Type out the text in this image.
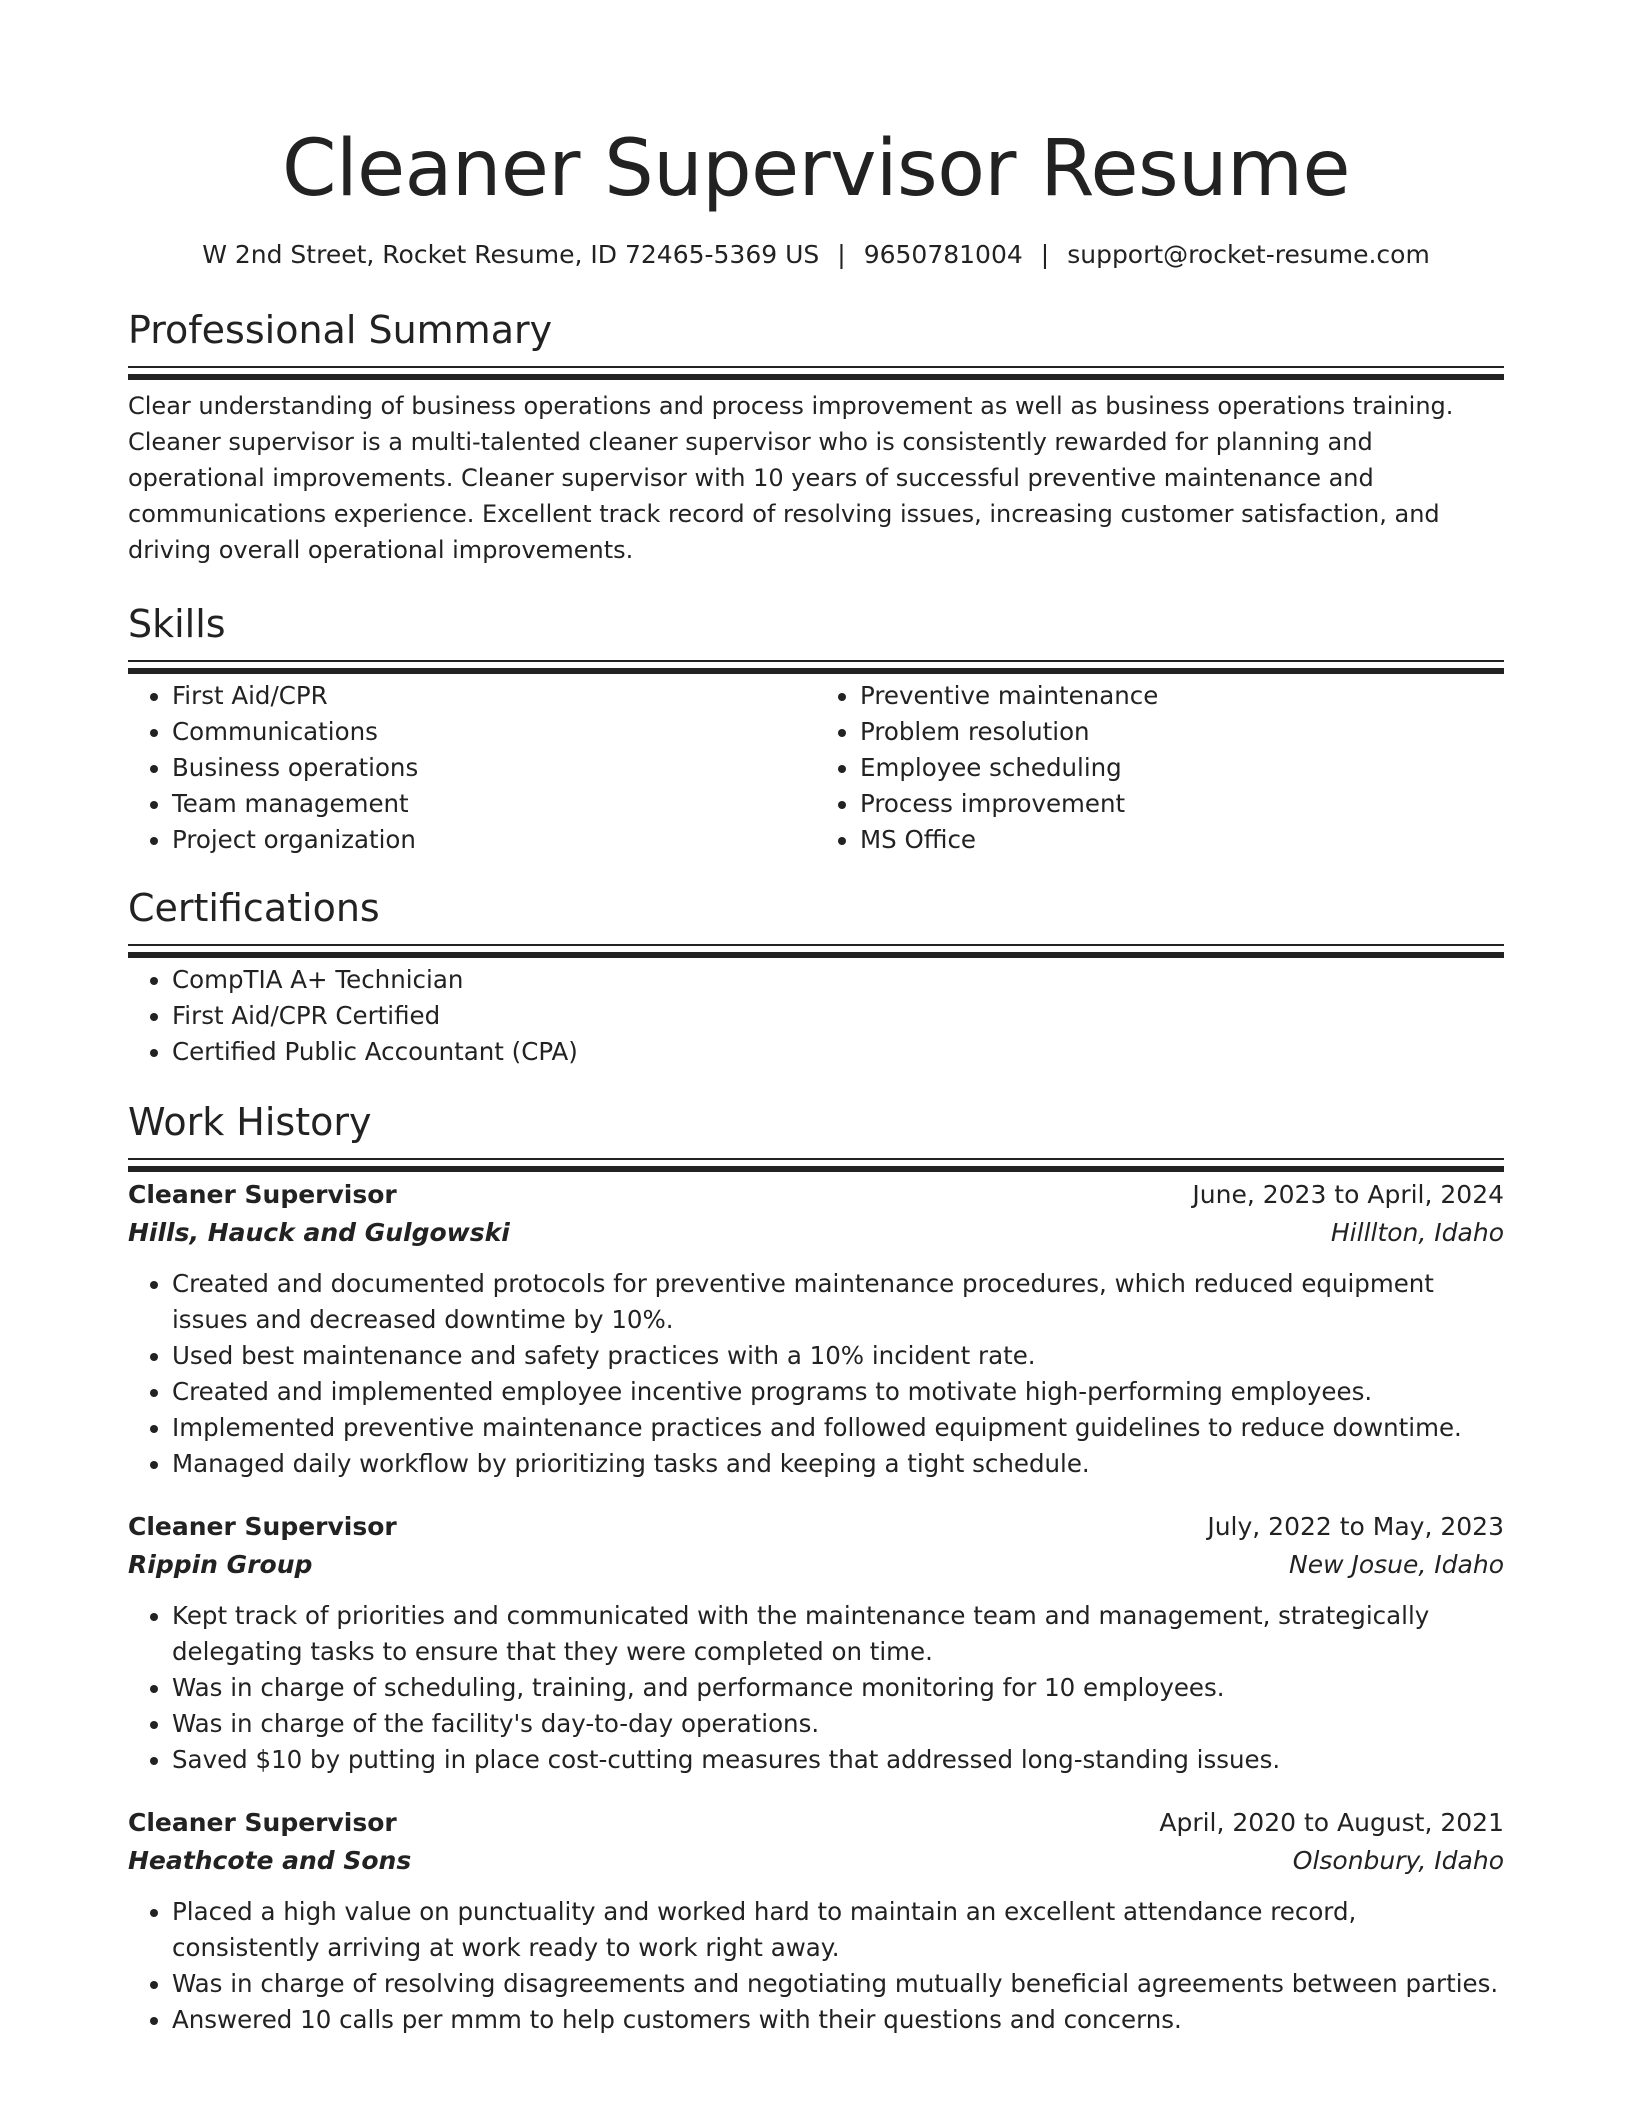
Cleaner Supervisor Resume
W 2nd Street, Rocket Resume, ID 72465-5369 US | 9650781004 | support@rocket-resume.com
Professional Summary
Clear understanding of business operations and process improvement as well as business operations training. Cleaner supervisor is a multi-talented cleaner supervisor who is consistently rewarded for planning and operational improvements. Cleaner supervisor with 10 years of successful preventive maintenance and communications experience. Excellent track record of resolving issues, increasing customer satisfaction, and driving overall operational improvements.
Skills
• First Aid/CPR
• Communications
• Business operations
• Team management
• Project organization
• Preventive maintenance
• Problem resolution
• Employee scheduling
• Process improvement
• MS Office
Certifications
• CompTIA A+ Technician
• First Aid/CPR Certified
• Certified Public Accountant (CPA)
Work History
Cleaner Supervisor	June, 2023 to April, 2024
Hills, Hauck and Gulgowski	Hilllton, Idaho
• Created and documented protocols for preventive maintenance procedures, which reduced equipment issues and decreased downtime by 10%.
• Used best maintenance and safety practices with a 10% incident rate.
• Created and implemented employee incentive programs to motivate high-performing employees.
• Implemented preventive maintenance practices and followed equipment guidelines to reduce downtime.
• Managed daily workflow by prioritizing tasks and keeping a tight schedule.
Cleaner Supervisor	July, 2022 to May, 2023
Rippin Group	New Josue, Idaho
• Kept track of priorities and communicated with the maintenance team and management, strategically delegating tasks to ensure that they were completed on time.
• Was in charge of scheduling, training, and performance monitoring for 10 employees.
• Was in charge of the facility's day-to-day operations.
• Saved $10 by putting in place cost-cutting measures that addressed long-standing issues.
Cleaner Supervisor	April, 2020 to August, 2021
Heathcote and Sons	Olsonbury, Idaho
• Placed a high value on punctuality and worked hard to maintain an excellent attendance record, consistently arriving at work ready to work right away.
• Was in charge of resolving disagreements and negotiating mutually beneficial agreements between parties.
• Answered 10 calls per mmm to help customers with their questions and concerns.
